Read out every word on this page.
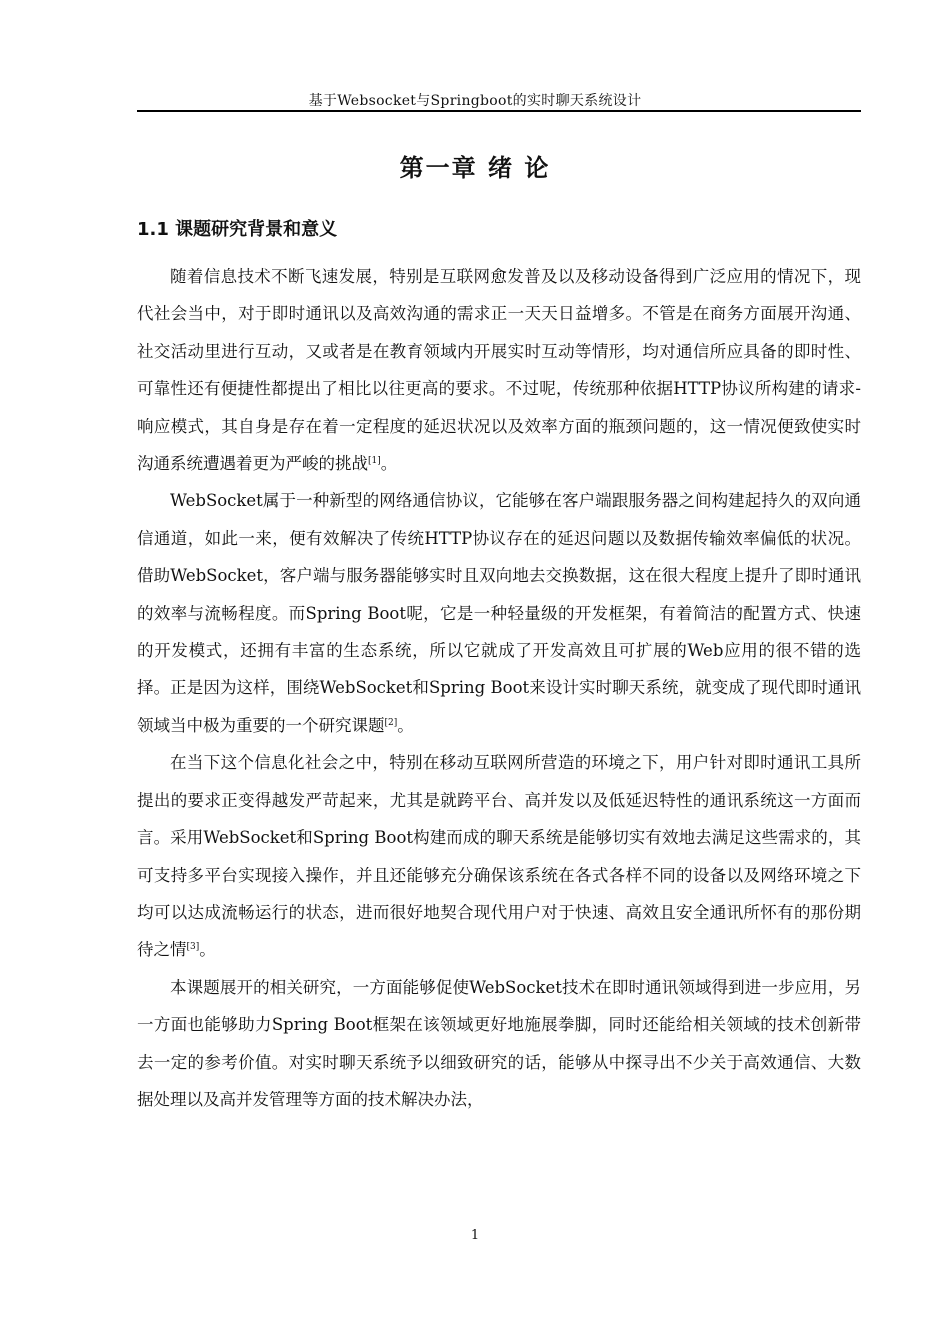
基于Websocket与Springboot的实时聊天系统设计
第一章 绪 论
1.1 课题研究背景和意义

随着信息技术不断飞速发展，特别是互联网愈发普及以及移动设备得到广泛应用的情况下，现代社会当中，对于即时通讯以及高效沟通的需求正一天天日益增多。不管是在商务方面展开沟通、社交活动里进行互动，又或者是在教育领域内开展实时互动等情形，均对通信所应具备的即时性、可靠性还有便捷性都提出了相比以往更高的要求。不过呢，传统那种依据HTTP协议所构建的请求-响应模式，其自身是存在着一定程度的延迟状况以及效率方面的瓶颈问题的，这一情况便致使实时沟通系统遭遇着更为严峻的挑战[1]。

WebSocket属于一种新型的网络通信协议，它能够在客户端跟服务器之间构建起持久的双向通信通道，如此一来，便有效解决了传统HTTP协议存在的延迟问题以及数据传输效率偏低的状况。借助WebSocket，客户端与服务器能够实时且双向地去交换数据，这在很大程度上提升了即时通讯的效率与流畅程度。而Spring Boot呢，它是一种轻量级的开发框架，有着简洁的配置方式、快速的开发模式，还拥有丰富的生态系统，所以它就成了开发高效且可扩展的Web应用的很不错的选择。正是因为这样，围绕WebSocket和Spring Boot来设计实时聊天系统，就变成了现代即时通讯领域当中极为重要的一个研究课题[2]。

在当下这个信息化社会之中，特别在移动互联网所营造的环境之下，用户针对即时通讯工具所提出的要求正变得越发严苛起来，尤其是就跨平台、高并发以及低延迟特性的通讯系统这一方面而言。采用WebSocket和Spring Boot构建而成的聊天系统是能够切实有效地去满足这些需求的，其可支持多平台实现接入操作，并且还能够充分确保该系统在各式各样不同的设备以及网络环境之下均可以达成流畅运行的状态，进而很好地契合现代用户对于快速、高效且安全通讯所怀有的那份期待之情[3]。

本课题展开的相关研究，一方面能够促使WebSocket技术在即时通讯领域得到进一步应用，另一方面也能够助力Spring Boot框架在该领域更好地施展拳脚，同时还能给相关领域的技术创新带去一定的参考价值。对实时聊天系统予以细致研究的话，能够从中探寻出不少关于高效通信、大数据处理以及高并发管理等方面的技术解决办法，

1
